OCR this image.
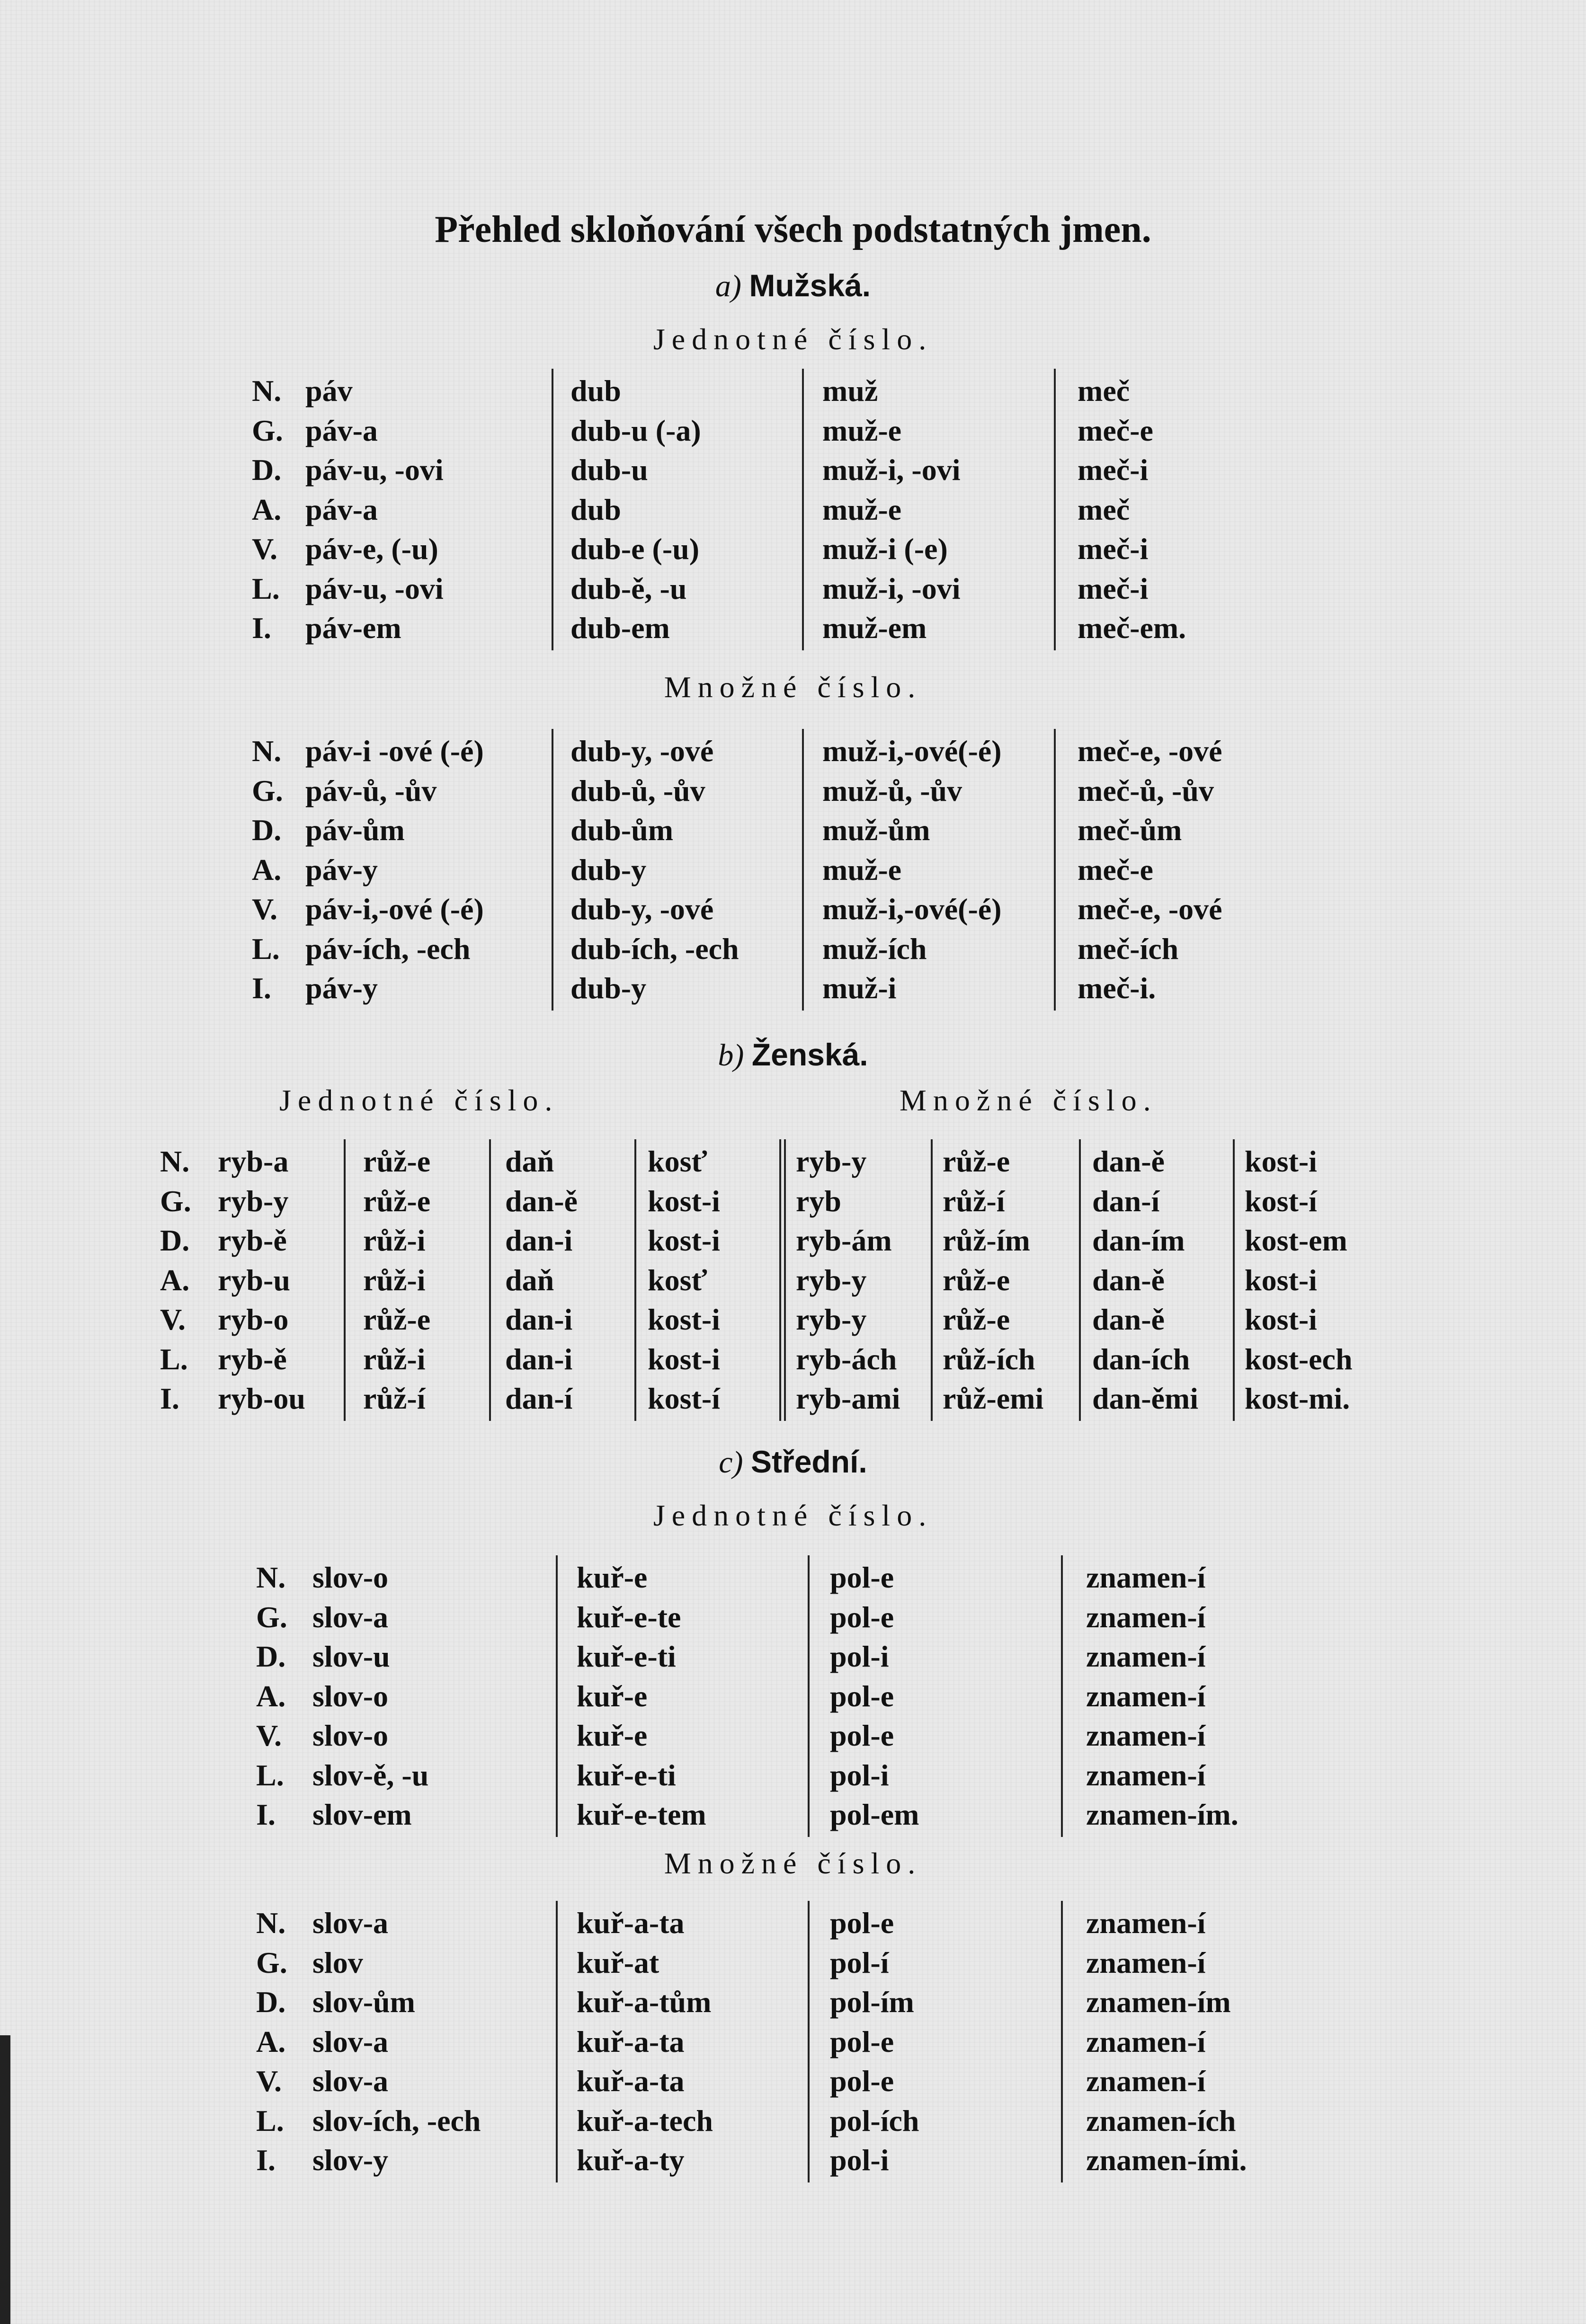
Přehled skloňování všech podstatných jmen.
a) Mužská.
Jednotné číslo.
Množné číslo.
b) Ženská.
Jednotné číslo.	Množné číslo.
c) Střední.
Jednotné číslo.
Množné číslo.
N.
G.
D.
A.
V.
L.
I.
páv
páv-a
páv-u, -ovi
páv-a
páv-e, (-u)
páv-u, -ovi
páv-em
dub
dub-u (-a)
dub-u
dub
dub-e (-u)
dub-ě, -u
dub-em
muž
muž-e
muž-i, -ovi
muž-e
muž-i (-e)
muž-i, -ovi
muž-em
meč
meč-e
meč-i
meč
meč-i
meč-i
meč-em.
N.
G.
D.
A.
V.
L.
I.
páv-i -ové (-é)
páv-ů, -ův
páv-ům
páv-y
páv-i,-ové (-é)
páv-ích, -ech
páv-y
dub-y, -ové
dub-ů, -ův
dub-ům
dub-y
dub-y, -ové
dub-ích, -ech
dub-y
muž-i,-ové(-é)
muž-ů, -ův
muž-ům
muž-e
muž-i,-ové(-é)
muž-ích
muž-i
meč-e, -ové
meč-ů, -ův
meč-ům
meč-e
meč-e, -ové
meč-ích
meč-i.
N.
G.
D.
A.
V.
L.
I.
ryb-a
ryb-y
ryb-ě
ryb-u
ryb-o
ryb-ě
ryb-ou
růž-e
růž-e
růž-i
růž-i
růž-e
růž-i
růž-í
daň
dan-ě
dan-i
daň
dan-i
dan-i
dan-í
kosť
kost-i
kost-i
kosť
kost-i
kost-i
kost-í
ryb-y
ryb
ryb-ám
ryb-y
ryb-y
ryb-ách
ryb-ami
růž-e
růž-í
růž-ím
růž-e
růž-e
růž-ích
růž-emi
dan-ě
dan-í
dan-ím
dan-ě
dan-ě
dan-ích
dan-ěmi
kost-i
kost-í
kost-em
kost-i
kost-i
kost-ech
kost-mi.
N.
G.
D.
A.
V.
L.
I.
slov-o
slov-a
slov-u
slov-o
slov-o
slov-ě, -u
slov-em
kuř-e
kuř-e-te
kuř-e-ti
kuř-e
kuř-e
kuř-e-ti
kuř-e-tem
pol-e
pol-e
pol-i
pol-e
pol-e
pol-i
pol-em
znamen-í
znamen-í
znamen-í
znamen-í
znamen-í
znamen-í
znamen-ím.
N.
G.
D.
A.
V.
L.
I.
slov-a
slov
slov-ům
slov-a
slov-a
slov-ích, -ech
slov-y
kuř-a-ta
kuř-at
kuř-a-tům
kuř-a-ta
kuř-a-ta
kuř-a-tech
kuř-a-ty
pol-e
pol-í
pol-ím
pol-e
pol-e
pol-ích
pol-i
znamen-í
znamen-í
znamen-ím
znamen-í
znamen-í
znamen-ích
znamen-ími.
